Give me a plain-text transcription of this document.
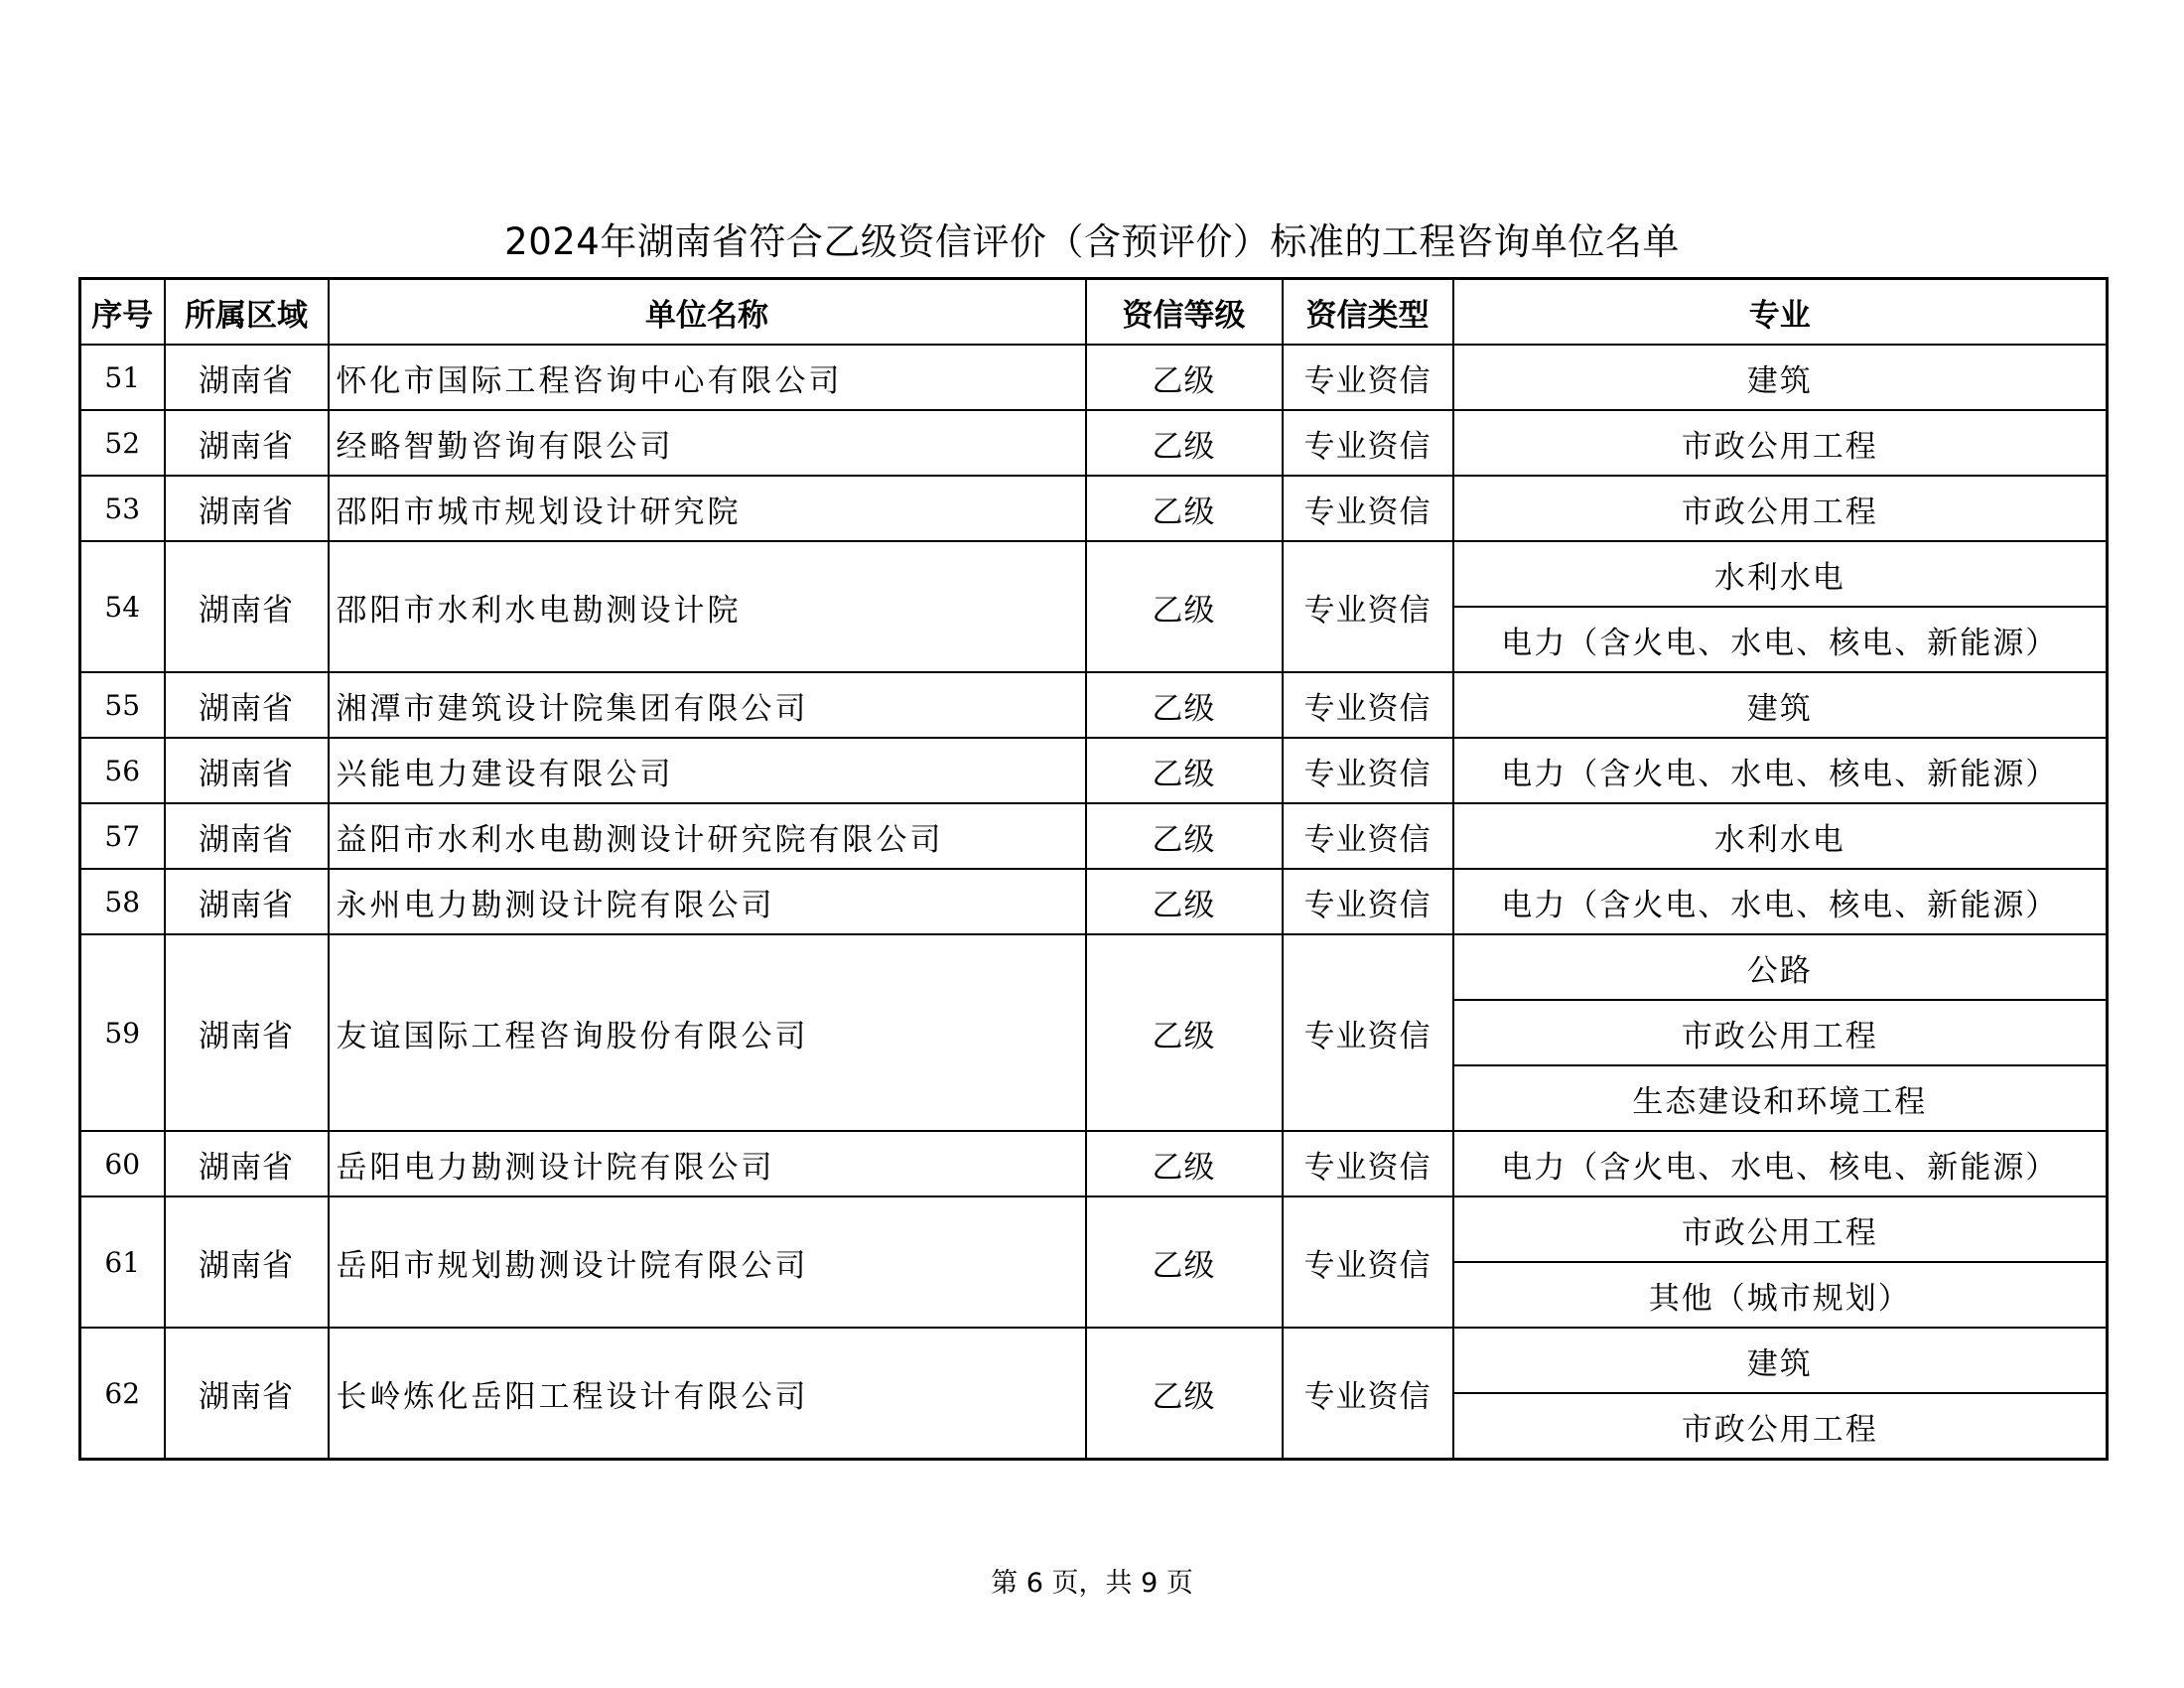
2024年湖南省符合乙级资信评价（含预评价）标准的工程咨询单位名单
序号	所属区域	单位名称	资信等级	资信类型	专业
51	湖南省	怀化市国际工程咨询中心有限公司	乙级	专业资信	建筑
52	湖南省	经略智勤咨询有限公司	乙级	专业资信	市政公用工程
53	湖南省	邵阳市城市规划设计研究院	乙级	专业资信	市政公用工程
54	湖南省	邵阳市水利水电勘测设计院	乙级	专业资信	水利水电
					电力（含火电、水电、核电、新能源）
55	湖南省	湘潭市建筑设计院集团有限公司	乙级	专业资信	建筑
56	湖南省	兴能电力建设有限公司	乙级	专业资信	电力（含火电、水电、核电、新能源）
57	湖南省	益阳市水利水电勘测设计研究院有限公司	乙级	专业资信	水利水电
58	湖南省	永州电力勘测设计院有限公司	乙级	专业资信	电力（含火电、水电、核电、新能源）
59	湖南省	友谊国际工程咨询股份有限公司	乙级	专业资信	公路
					市政公用工程
					生态建设和环境工程
60	湖南省	岳阳电力勘测设计院有限公司	乙级	专业资信	电力（含火电、水电、核电、新能源）
61	湖南省	岳阳市规划勘测设计院有限公司	乙级	专业资信	市政公用工程
					其他（城市规划）
62	湖南省	长岭炼化岳阳工程设计有限公司	乙级	专业资信	建筑
					市政公用工程
第 6 页，共 9 页
